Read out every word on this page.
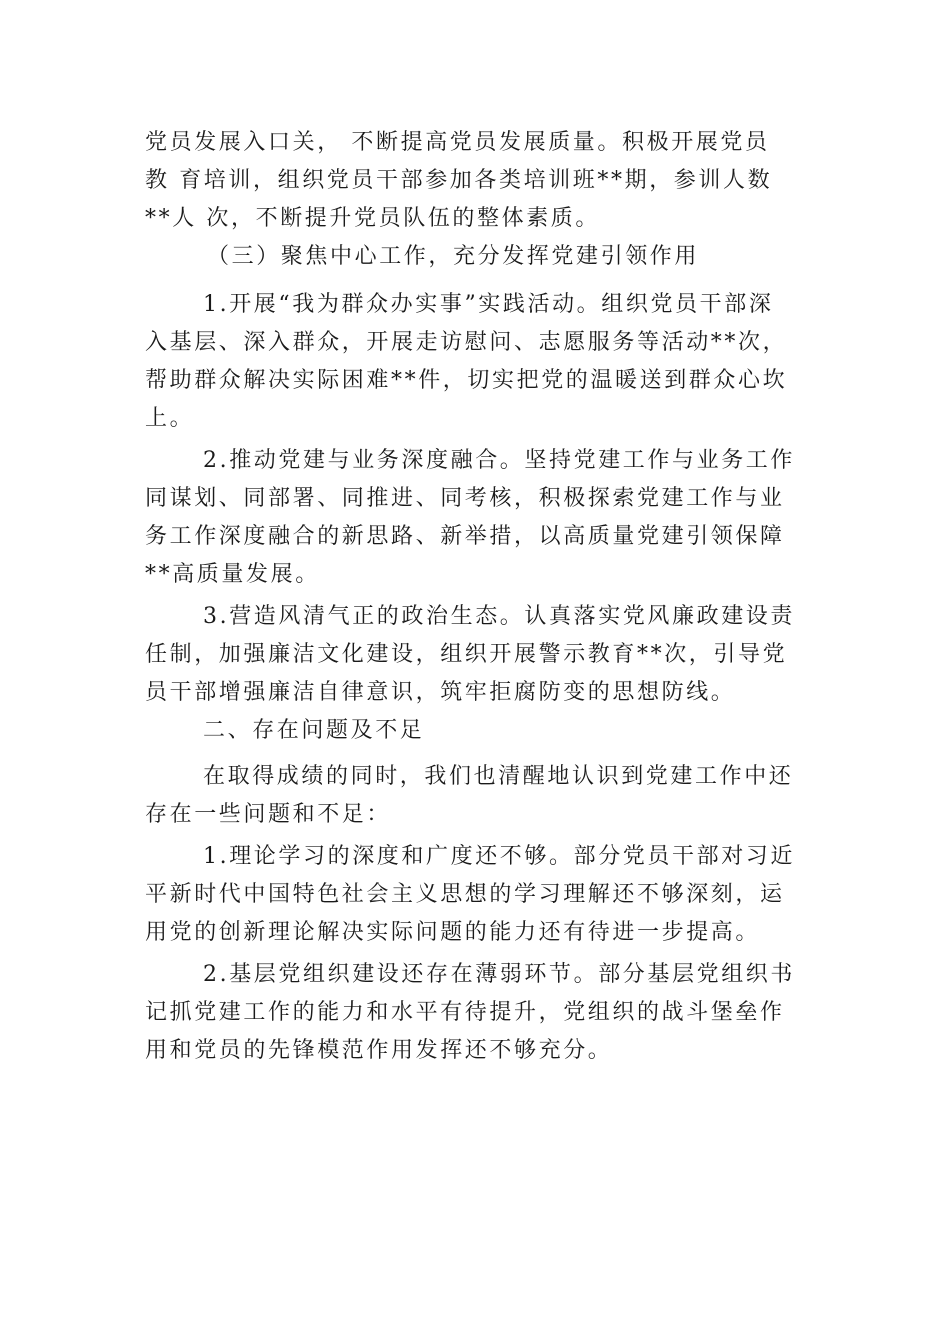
党员发展入口关， 不断提高党员发展质量。积极开展党员
教 育培训，组织党员干部参加各类培训班**期，参训人数
**人 次，不断提升党员队伍的整体素质。
（三）聚焦中心工作，充分发挥党建引领作用
1.开展“我为群众办实事”实践活动。组织党员干部深
入基层、深入群众，开展走访慰问、志愿服务等活动**次，
帮助群众解决实际困难**件，切实把党的温暖送到群众心坎
上。
2.推动党建与业务深度融合。坚持党建工作与业务工作
同谋划、同部署、同推进、同考核，积极探索党建工作与业
务工作深度融合的新思路、新举措，以高质量党建引领保障
**高质量发展。
3.营造风清气正的政治生态。认真落实党风廉政建设责
任制，加强廉洁文化建设，组织开展警示教育**次，引导党
员干部增强廉洁自律意识，筑牢拒腐防变的思想防线。
二、存在问题及不足
在取得成绩的同时，我们也清醒地认识到党建工作中还
存在一些问题和不足：
1.理论学习的深度和广度还不够。部分党员干部对习近
平新时代中国特色社会主义思想的学习理解还不够深刻，运
用党的创新理论解决实际问题的能力还有待进一步提高。
2.基层党组织建设还存在薄弱环节。部分基层党组织书
记抓党建工作的能力和水平有待提升，党组织的战斗堡垒作
用和党员的先锋模范作用发挥还不够充分。
